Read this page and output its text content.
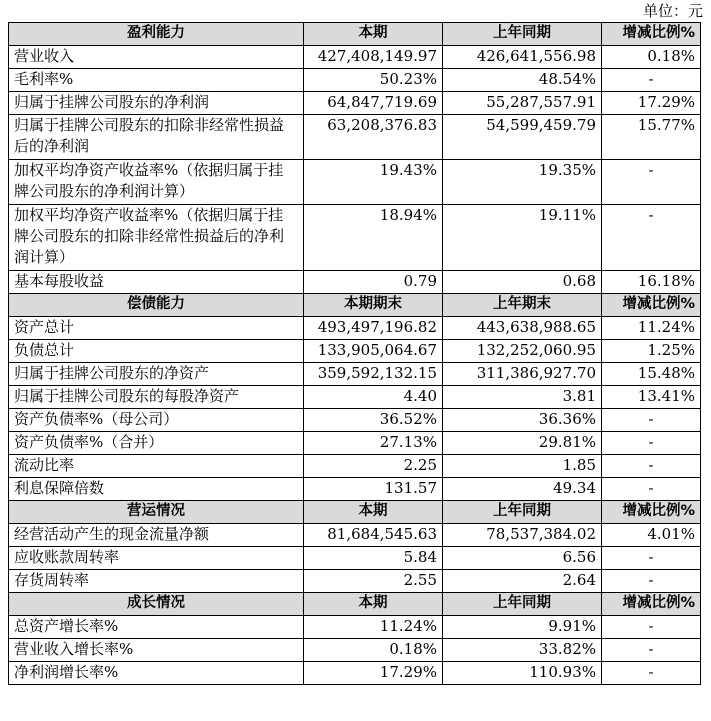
单位：元
盈利能力	本期	上年同期	增减比例%
营业收入	427,408,149.97	426,641,556.98	0.18%
毛利率%	50.23%	48.54%	-
归属于挂牌公司股东的净利润	64,847,719.69	55,287,557.91	17.29%
归属于挂牌公司股东的扣除非经常性损益后的净利润	63,208,376.83	54,599,459.79	15.77%
加权平均净资产收益率%（依据归属于挂牌公司股东的净利润计算）	19.43%	19.35%	-
加权平均净资产收益率%（依据归属于挂牌公司股东的扣除非经常性损益后的净利润计算）	18.94%	19.11%	-
基本每股收益	0.79	0.68	16.18%
偿债能力	本期期末	上年期末	增减比例%
资产总计	493,497,196.82	443,638,988.65	11.24%
负债总计	133,905,064.67	132,252,060.95	1.25%
归属于挂牌公司股东的净资产	359,592,132.15	311,386,927.70	15.48%
归属于挂牌公司股东的每股净资产	4.40	3.81	13.41%
资产负债率%（母公司）	36.52%	36.36%	-
资产负债率%（合并）	27.13%	29.81%	-
流动比率	2.25	1.85	-
利息保障倍数	131.57	49.34	-
营运情况	本期	上年同期	增减比例%
经营活动产生的现金流量净额	81,684,545.63	78,537,384.02	4.01%
应收账款周转率	5.84	6.56	-
存货周转率	2.55	2.64	-
成长情况	本期	上年同期	增减比例%
总资产增长率%	11.24%	9.91%	-
营业收入增长率%	0.18%	33.82%	-
净利润增长率%	17.29%	110.93%	-
